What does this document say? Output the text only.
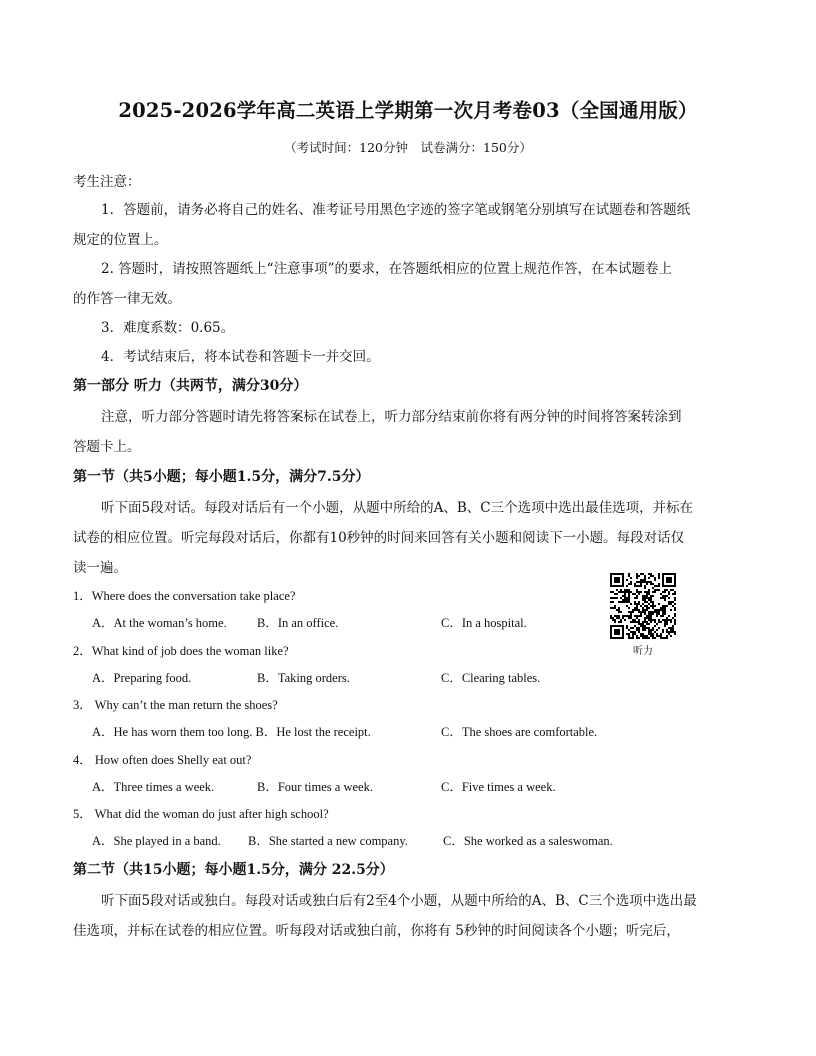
2025-2026学年高二英语上学期第一次月考卷03（全国通用版）
（考试时间：120分钟　试卷满分：150分）
考生注意：
1．答题前，请务必将自己的姓名、准考证号用黑色字迹的签字笔或钢笔分别填写在试题卷和答题纸
规定的位置上。
2. 答题时，请按照答题纸上“注意事项”的要求，在答题纸相应的位置上规范作答，在本试题卷上
的作答一律无效。
3．难度系数：0.65。
4．考试结束后，将本试卷和答题卡一并交回。
第一部分 听力（共两节，满分30分）
注意，听力部分答题时请先将答案标在试卷上，听力部分结束前你将有两分钟的时间将答案转涂到
答题卡上。
第一节（共5小题；每小题1.5分，满分7.5分）
听下面5段对话。每段对话后有一个小题，从题中所给的A、B、C三个选项中选出最佳选项，并标在
试卷的相应位置。听完每段对话后，你都有10秒钟的时间来回答有关小题和阅读下一小题。每段对话仅
读一遍。
1．Where does the conversation take place?
A．At the woman’s home. B．In an office.	C．In a hospital.
2．What kind of job does the woman like?
A．Preparing food.	B．Taking orders.	C．Clearing tables.
3． Why can’t the man return the shoes?
A．He has worn them too long. B．He lost the receipt.	C．The shoes are comfortable.
4． How often does Shelly eat out?
A．Three times a week.	B．Four times a week.	C．Five times a week.
5． What did the woman do just after high school?
A．She played in a band. B．She started a new company.	C．She worked as a saleswoman.
听力
第二节（共15小题；每小题1.5分，满分 22.5分）
听下面5段对话或独白。每段对话或独白后有2至4个小题，从题中所给的A、B、C三个选项中选出最
佳选项，并标在试卷的相应位置。听每段对话或独白前，你将有 5秒钟的时间阅读各个小题；听完后，
